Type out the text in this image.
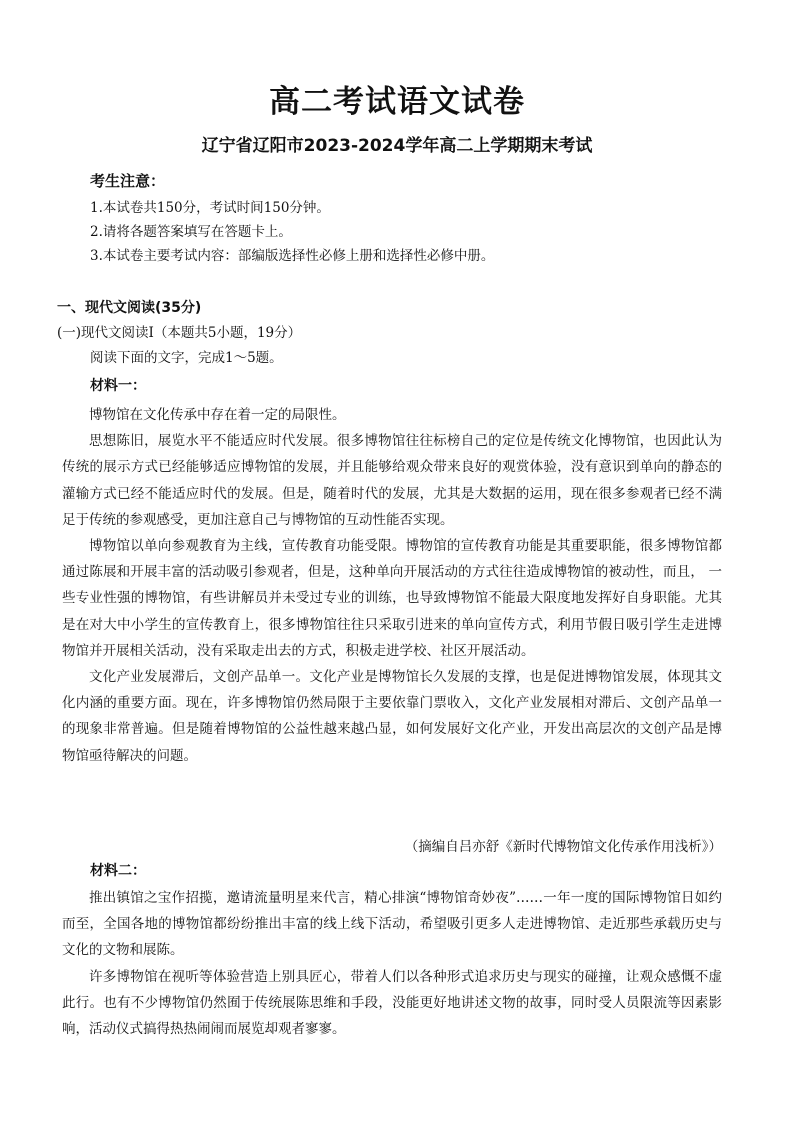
高二考试语文试卷
辽宁省辽阳市2023-2024学年高二上学期期末考试
考生注意：
1.本试卷共150分，考试时间150分钟。
2.请将各题答案填写在答题卡上。
3.本试卷主要考试内容：部编版选择性必修上册和选择性必修中册。
一、现代文阅读(35分)
(一)现代文阅读Ⅰ（本题共5小题，19分）
阅读下面的文字，完成1～5题。
材料一：

博物馆在文化传承中存在着一定的局限性。

思想陈旧，展览水平不能适应时代发展。很多博物馆往往标榜自己的定位是传统文化博物馆，也因此认为传统的展示方式已经能够适应博物馆的发展，并且能够给观众带来良好的观赏体验，没有意识到单向的静态的灌输方式已经不能适应时代的发展。但是，随着时代的发展，尤其是大数据的运用，现在很多参观者已经不满足于传统的参观感受，更加注意自己与博物馆的互动性能否实现。

博物馆以单向参观教育为主线，宣传教育功能受限。博物馆的宣传教育功能是其重要职能，很多博物馆都通过陈展和开展丰富的活动吸引参观者，但是，这种单向开展活动的方式往往造成博物馆的被动性，而且， 一些专业性强的博物馆，有些讲解员并未受过专业的训练，也导致博物馆不能最大限度地发挥好自身职能。尤其是在对大中小学生的宣传教育上，很多博物馆往往只采取引进来的单向宣传方式，利用节假日吸引学生走进博物馆并开展相关活动，没有采取走出去的方式，积极走进学校、社区开展活动。

文化产业发展滞后，文创产品单一。文化产业是博物馆长久发展的支撑，也是促进博物馆发展，体现其文化内涵的重要方面。现在，许多博物馆仍然局限于主要依靠门票收入，文化产业发展相对滞后、文创产品单一的现象非常普遍。但是随着博物馆的公益性越来越凸显，如何发展好文化产业，开发出高层次的文创产品是博物馆亟待解决的问题。

（摘编自吕亦舒《新时代博物馆文化传承作用浅析》）
材料二：

推出镇馆之宝作招揽，邀请流量明星来代言，精心排演“博物馆奇妙夜”……一年一度的国际博物馆日如约而至，全国各地的博物馆都纷纷推出丰富的线上线下活动，希望吸引更多人走进博物馆、走近那些承载历史与文化的文物和展陈。

许多博物馆在视听等体验营造上别具匠心，带着人们以各种形式追求历史与现实的碰撞，让观众感慨不虚此行。也有不少博物馆仍然囿于传统展陈思维和手段，没能更好地讲述文物的故事，同时受人员限流等因素影响，活动仪式搞得热热闹闹而展览却观者寥寥。
